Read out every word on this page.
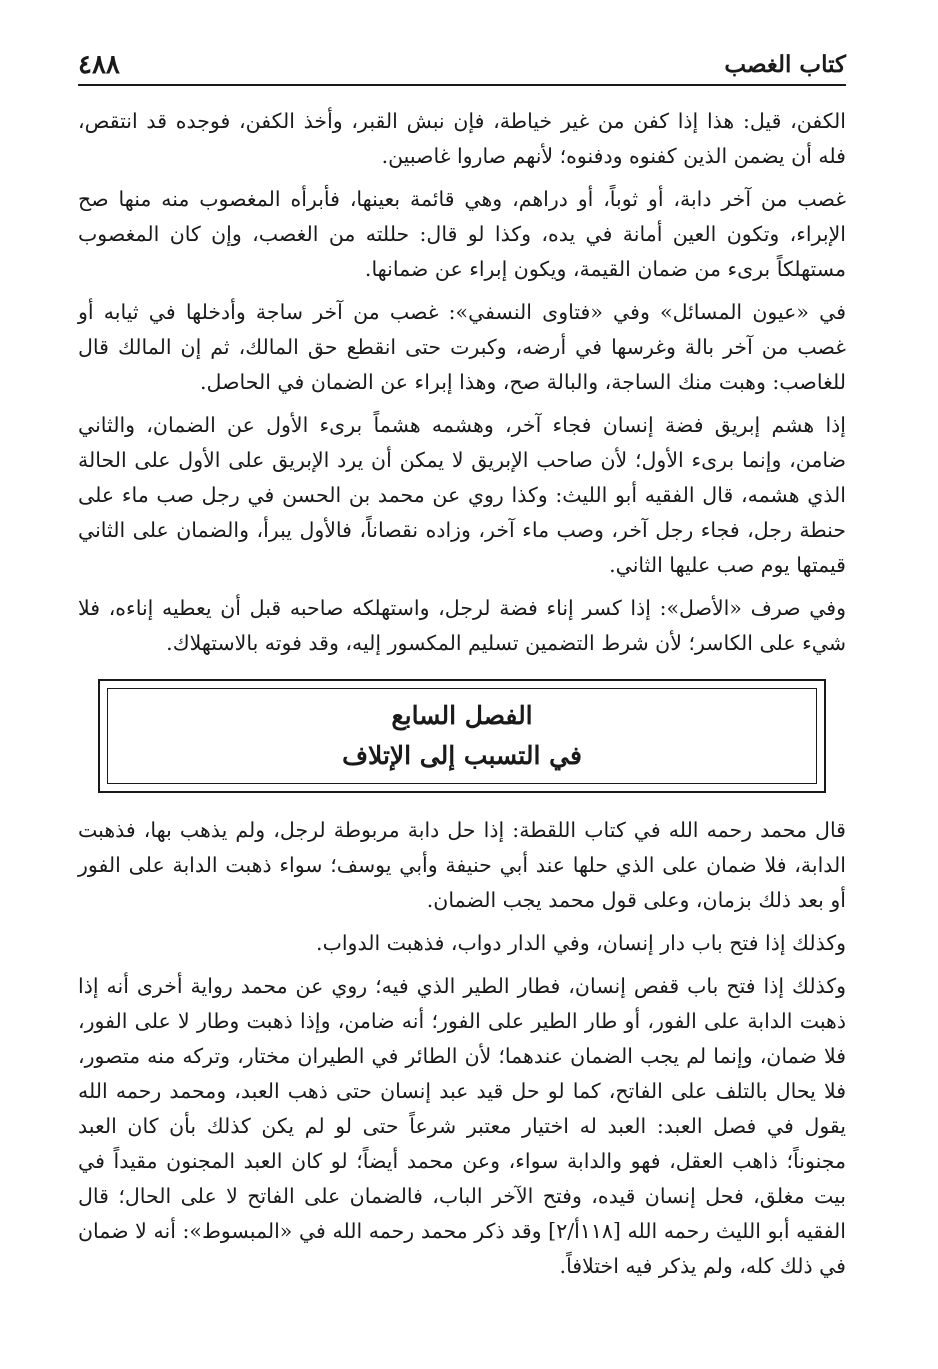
كتاب الغصب
٤٨٨

الكفن، قيل: هذا إذا كفن من غير خياطة، فإن نبش القبر، وأخذ الكفن، فوجده قد انتقص، فله أن يضمن الذين كفنوه ودفنوه؛ لأنهم صاروا غاصبين.

غصب من آخر دابة، أو ثوباً، أو دراهم، وهي قائمة بعينها، فأبرأه المغصوب منه منها صح الإبراء، وتكون العين أمانة في يده، وكذا لو قال: حللته من الغصب، وإن كان المغصوب مستهلكاً برىء من ضمان القيمة، ويكون إبراء عن ضمانها.

في «عيون المسائل» وفي «فتاوى النسفي»: غصب من آخر ساجة وأدخلها في ثيابه أو غصب من آخر بالة وغرسها في أرضه، وكبرت حتى انقطع حق المالك، ثم إن المالك قال للغاصب: وهبت منك الساجة، والبالة صح، وهذا إبراء عن الضمان في الحاصل.

إذا هشم إبريق فضة إنسان فجاء آخر، وهشمه هشماً برىء الأول عن الضمان، والثاني ضامن، وإنما برىء الأول؛ لأن صاحب الإبريق لا يمكن أن يرد الإبريق على الأول على الحالة الذي هشمه، قال الفقيه أبو الليث: وكذا روي عن محمد بن الحسن في رجل صب ماء على حنطة رجل، فجاء رجل آخر، وصب ماء آخر، وزاده نقصاناً، فالأول يبرأ، والضمان على الثاني قيمتها يوم صب عليها الثاني.

وفي صرف «الأصل»: إذا كسر إناء فضة لرجل، واستهلكه صاحبه قبل أن يعطيه إناءه، فلا شيء على الكاسر؛ لأن شرط التضمين تسليم المكسور إليه، وقد فوته بالاستهلاك.

الفصل السابع
في التسبب إلى الإتلاف

قال محمد رحمه الله في كتاب اللقطة: إذا حل دابة مربوطة لرجل، ولم يذهب بها، فذهبت الدابة، فلا ضمان على الذي حلها عند أبي حنيفة وأبي يوسف؛ سواء ذهبت الدابة على الفور أو بعد ذلك بزمان، وعلى قول محمد يجب الضمان.

وكذلك إذا فتح باب دار إنسان، وفي الدار دواب، فذهبت الدواب.

وكذلك إذا فتح باب قفص إنسان، فطار الطير الذي فيه؛ روي عن محمد رواية أخرى أنه إذا ذهبت الدابة على الفور، أو طار الطير على الفور؛ أنه ضامن، وإذا ذهبت وطار لا على الفور، فلا ضمان، وإنما لم يجب الضمان عندهما؛ لأن الطائر في الطيران مختار، وتركه منه متصور، فلا يحال بالتلف على الفاتح، كما لو حل قيد عبد إنسان حتى ذهب العبد، ومحمد رحمه الله يقول في فصل العبد: العبد له اختيار معتبر شرعاً حتى لو لم يكن كذلك بأن كان العبد مجنوناً؛ ذاهب العقل، فهو والدابة سواء، وعن محمد أيضاً؛ لو كان العبد المجنون مقيداً في بيت مغلق، فحل إنسان قيده، وفتح الآخر الباب، فالضمان على الفاتح لا على الحال؛ قال الفقيه أبو الليث رحمه الله [١١٨أ/٢] وقد ذكر محمد رحمه الله في «المبسوط»: أنه لا ضمان في ذلك كله، ولم يذكر فيه اختلافاً.
